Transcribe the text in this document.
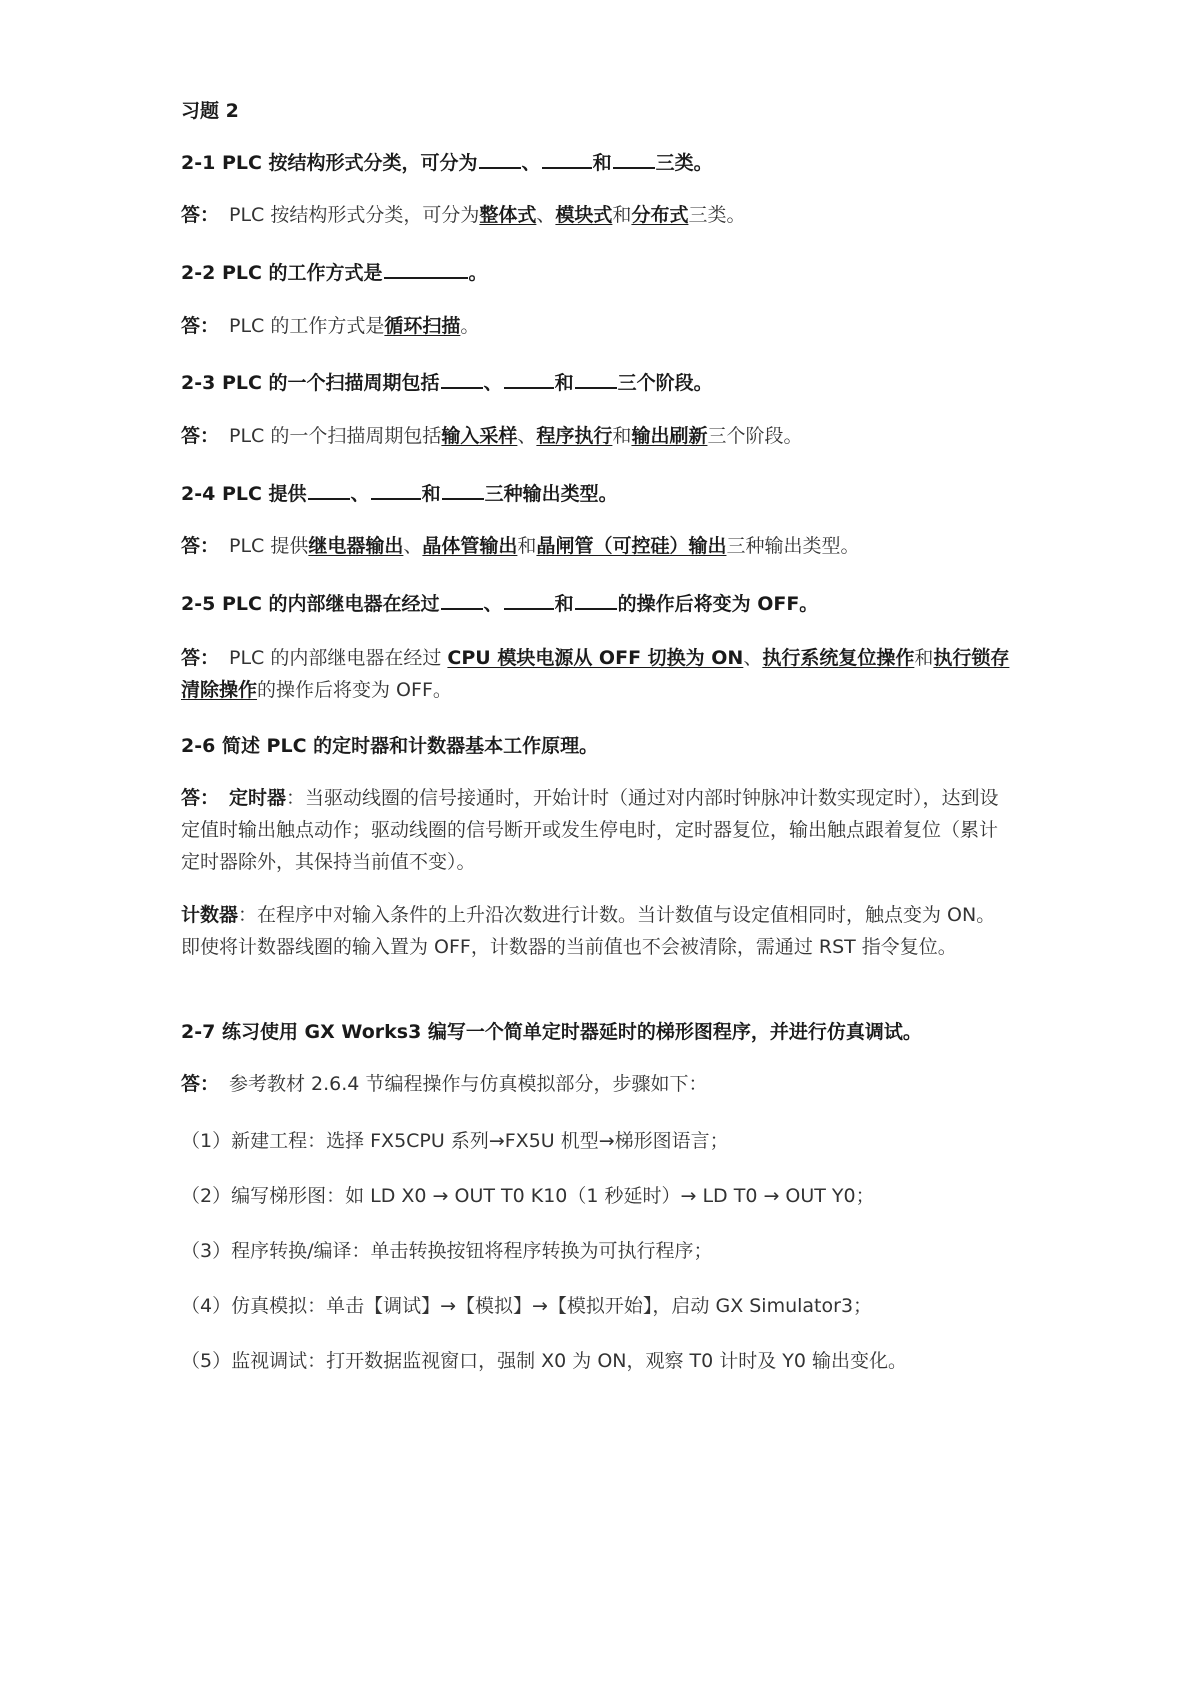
习题 2
2-1 PLC 按结构形式分类，可分为 、	和 三类。
答： PLC 按结构形式分类，可分为整体式、模块式和分布式三类。
2-2 PLC 的工作方式是	。
答： PLC 的工作方式是循环扫描。
2-3 PLC 的一个扫描周期包括 、	和 三个阶段。
答： PLC 的一个扫描周期包括输入采样、程序执行和输出刷新三个阶段。
2-4 PLC 提供 、	和 三种输出类型。
答： PLC 提供继电器输出、晶体管输出和晶闸管（可控硅）输出三种输出类型。
2-5 PLC 的内部继电器在经过 、	和 的操作后将变为 OFF。
答： PLC 的内部继电器在经过 CPU 模块电源从 OFF 切换为 ON、执行系统复位操作和执行锁存清除操作的操作后将变为 OFF。
2-6 简述 PLC 的定时器和计数器基本工作原理。
答： 定时器：当驱动线圈的信号接通时，开始计时（通过对内部时钟脉冲计数实现定时），达到设定值时输出触点动作；驱动线圈的信号断开或发生停电时，定时器复位，输出触点跟着复位（累计定时器除外，其保持当前值不变）。
计数器：在程序中对输入条件的上升沿次数进行计数。当计数值与设定值相同时，触点变为 ON。即使将计数器线圈的输入置为 OFF，计数器的当前值也不会被清除，需通过 RST 指令复位。
2-7 练习使用 GX Works3 编写一个简单定时器延时的梯形图程序，并进行仿真调试。
答： 参考教材 2.6.4 节编程操作与仿真模拟部分，步骤如下：
（1）新建工程：选择 FX5CPU 系列→FX5U 机型→梯形图语言；
（2）编写梯形图：如 LD X0 → OUT T0 K10（1 秒延时）→ LD T0 → OUT Y0；
（3）程序转换/编译：单击转换按钮将程序转换为可执行程序；
（4）仿真模拟：单击【调试】→【模拟】→【模拟开始】，启动 GX Simulator3；
（5）监视调试：打开数据监视窗口，强制 X0 为 ON，观察 T0 计时及 Y0 输出变化。
